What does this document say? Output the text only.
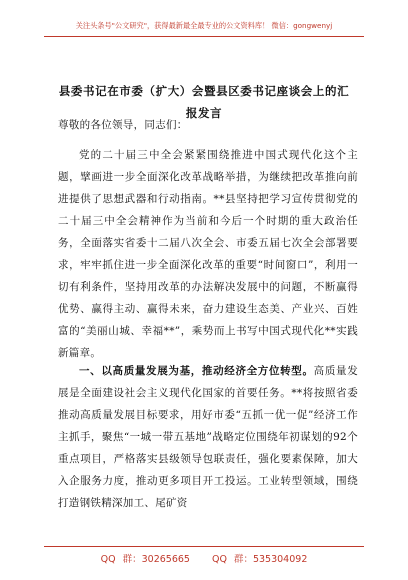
关注头条号"公文研究"，获得最新最全最专业的公文资料库！ 微信：gongwenyj
县委书记在市委（扩大）会暨县区委书记座谈会上的汇报发言
尊敬的各位领导，同志们：
党的二十届三中全会紧紧围绕推进中国式现代化这个主题，擘画进一步全面深化改革战略举措，为继续把改革推向前进提供了思想武器和行动指南。**县坚持把学习宣传贯彻党的二十届三中全会精神作为当前和今后一个时期的重大政治任务，全面落实省委十二届八次全会、市委五届七次全会部署要求，牢牢抓住进一步全面深化改革的重要“时间窗口”，利用一切有利条件，坚持用改革的办法解决发展中的问题，不断赢得优势、赢得主动、赢得未来，奋力建设生态美、产业兴、百姓富的“美丽山城、幸福**”，乘势而上书写中国式现代化**实践新篇章。
一、以高质量发展为基，推动经济全方位转型。高质量发展是全面建设社会主义现代化国家的首要任务。**将按照省委推动高质量发展目标要求，用好市委“五抓一优一促”经济工作主抓手，聚焦“一城一带五基地”战略定位围绕年初谋划的92个重点项目，严格落实县级领导包联责任，强化要素保障，加大入企服务力度，推动更多项目开工投运。工业转型领域，围绕打造钢铁精深加工、尾矿资
QQ 群：30265665 QQ 群：535304092
